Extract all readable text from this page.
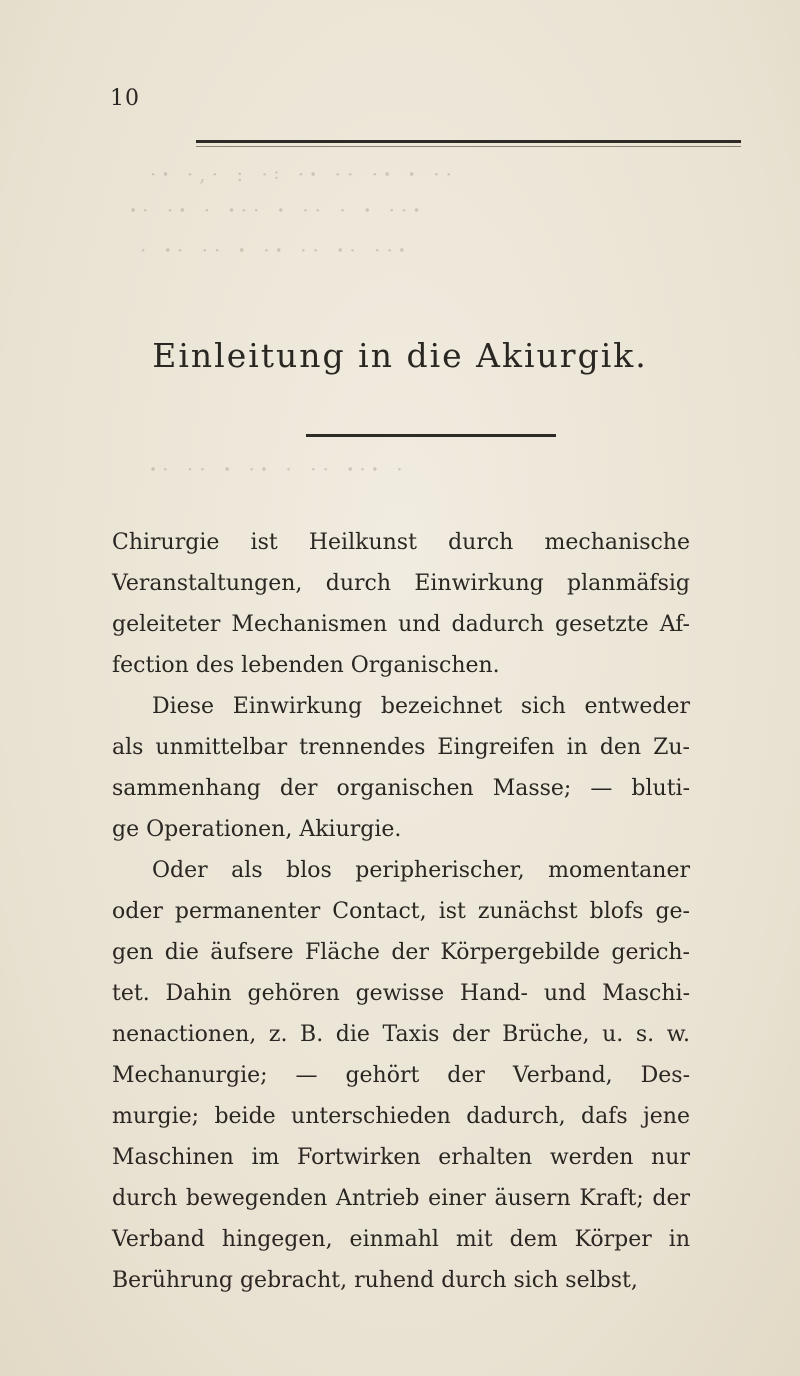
·ꞏ ·,· : ·꞉ ·ꞏ ·· ·ꞏ ꞏ ··
ꞏ· ·ꞏ · ꞏ·· ꞏ ·· · ꞏ ··ꞏ
· ꞏ· ·· ꞏ ·ꞏ ·· ꞏ· ··ꞏ
ꞏ· ·· ꞏ ·ꞏ · ·· ꞏ·ꞏ ·
10
Einleitung in die Akiurgik.
Chirurgie ist Heilkunst durch mechanische
Veranstaltungen, durch Einwirkung planmäfsig
geleiteter Mechanismen und dadurch gesetzte Af-
fection des lebenden Organischen.
Diese Einwirkung bezeichnet sich entweder
als unmittelbar trennendes Eingreifen in den Zu-
sammenhang der organischen Masse; — bluti-
ge Operationen, Akiurgie.
Oder als blos peripherischer, momentaner
oder permanenter Contact, ist zunächst blofs ge-
gen die äufsere Fläche der Körpergebilde gerich-
tet. Dahin gehören gewisse Hand- und Maschi-
nenactionen, z. B. die Taxis der Brüche, u. s. w.
Mechanurgie; — gehört der Verband, Des-
murgie; beide unterschieden dadurch, dafs jene
Maschinen im Fortwirken erhalten werden nur
durch bewegenden Antrieb einer äusern Kraft; der
Verband hingegen, einmahl mit dem Körper in
Berührung gebracht, ruhend durch sich selbst,
